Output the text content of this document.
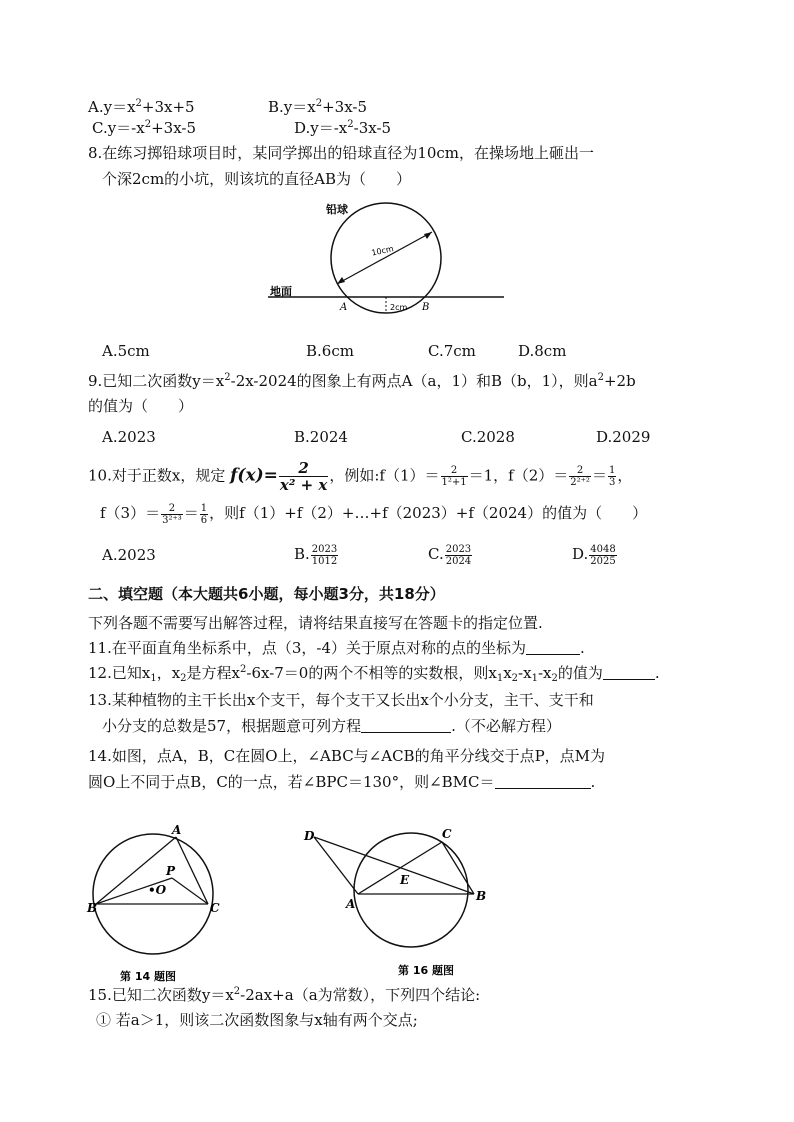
$A.y=x^2+3x+5$	$B.y=x^2+3x-5$
$C.y=-x^2+3x-5$	$D.y=-x^2-3x-5$
8.在练习掷铅球项目时，某同学掷出的铅球直径为10cm，在操场地上砸出一
个深2cm的小坑，则该坑的直径AB为（　　）
铅球
10cm
地面
2cm
A	B
A.5cm	B.6cm	C.7cm	D.8cm
9.已知二次函数$y=x^2-2x-2024$的图象上有两点A（a，1）和B（b，1），则$a^2+2b$
的值为（　　）
A.2023	B.2024	C.2028	D.2029
10.对于正数x，规定 $f(x)= \frac{2}{\text{x² + x}}$ ，例如:f（1）＝ $\frac{2}{\text{1²+1}} =1$，$f(2)= \frac{2}{\text{2²⁺²}} = \frac{1}{3}$ ，
$f(3)= \frac{2}{\text{3²⁺³}} = \frac{1}{6}$ ，则f（1）+f（2）+…+f（2023）+f（2024）的值为（　　）
A.2023	B. $\frac{2023}{1012}$	C. $\frac{2023}{2024}$	D. $\frac{4048}{2025}$
二、填空题（本大题共6小题，每小题3分，共18分）
下列各题不需要写出解答过程，请将结果直接写在答题卡的指定位置.
11.在平面直角坐标系中，点（3，-4）关于原点对称的点的坐标为	.
12.已知$x_1$，$x_2$是方程$x^2-6x-7=0$的两个不相等的实数根，则$x_1x_2-x_1-x_2$的值为	.
13.某种植物的主干长出x个支干，每个支干又长出x个小分支，主干、支干和
小分支的总数是57，根据题意可列方程	.（不必解方程）
14.如图，点A，B，C在圆O上，∠ABC与∠ACB的角平分线交于点P，点M为
圆O上不同于点B，C的一点，若∠BPC＝130°，则∠BMC＝	.
A
B	C
P
•O
第 14 题图
D
A
B
C
E
第 16 题图
15.已知二次函数$y=x^2-2ax+a(a$为常数），下列四个结论:
① 若a＞1，则该二次函数图象与x轴有两个交点;
